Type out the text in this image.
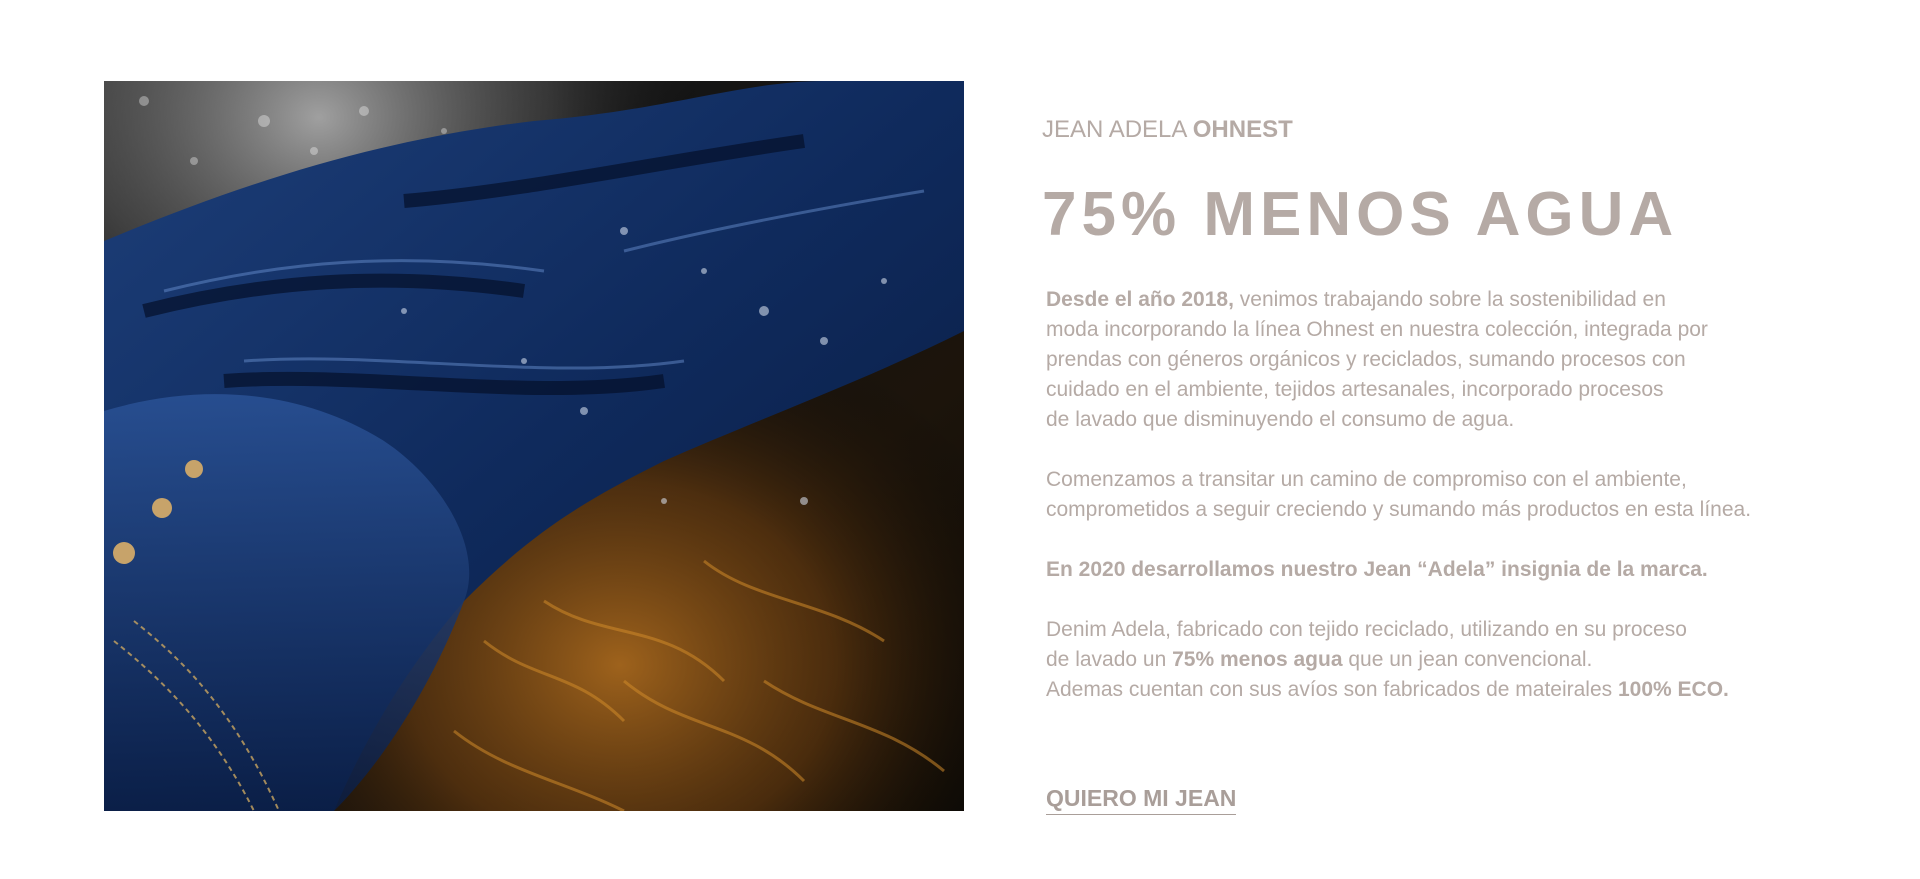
JEAN ADELA OHNEST
75% MENOS AGUA

Desde el año 2018, venimos trabajando sobre la sostenibilidad en
moda incorporando la línea Ohnest en nuestra colección, integrada por
prendas con géneros orgánicos y reciclados, sumando procesos con
cuidado en el ambiente, tejidos artesanales, incorporado procesos
de lavado que disminuyendo el consumo de agua.

Comenzamos a transitar un camino de compromiso con el ambiente,
comprometidos a seguir creciendo y sumando más productos en esta línea.

En 2020 desarrollamos nuestro Jean “Adela” insignia de la marca.

Denim Adela, fabricado con tejido reciclado, utilizando en su proceso
de lavado un 75% menos agua que un jean convencional.
Ademas cuentan con sus avíos son fabricados de mateirales 100% ECO.

QUIERO MI JEAN
